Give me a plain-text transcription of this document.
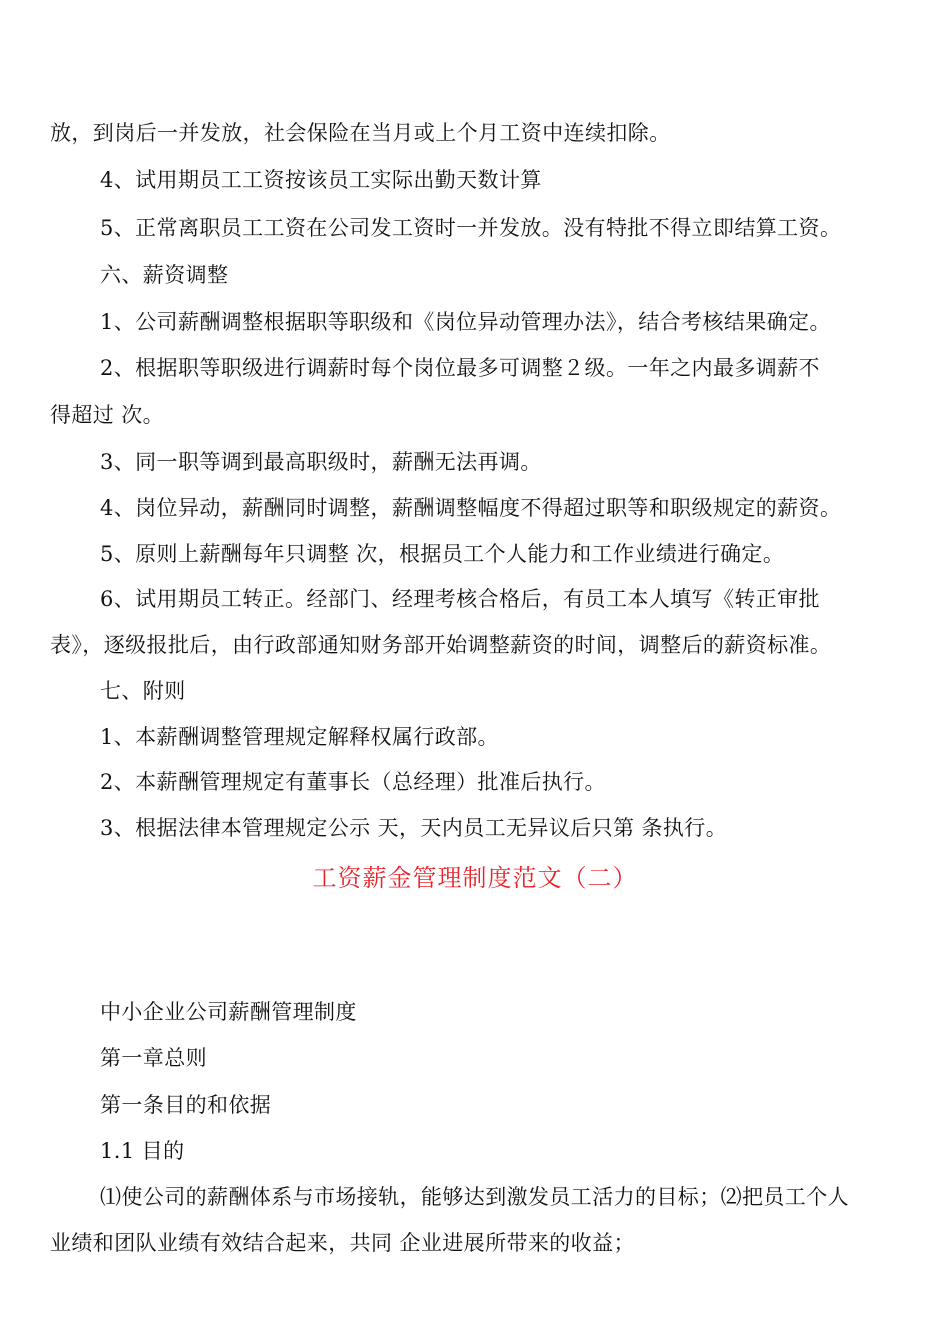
放，到岗后一并发放，社会保险在当月或上个月工资中连续扣除。
4、试用期员工工资按该员工实际出勤天数计算
5、正常离职员工工资在公司发工资时一并发放。没有特批不得立即结算工资。
六、薪资调整
1、公司薪酬调整根据职等职级和《岗位异动管理办法》，结合考核结果确定。
2、根据职等职级进行调薪时每个岗位最多可调整２级。一年之内最多调薪不
得超过 次。
3、同一职等调到最高职级时，薪酬无法再调。
4、岗位异动，薪酬同时调整，薪酬调整幅度不得超过职等和职级规定的薪资。
5、原则上薪酬每年只调整 次，根据员工个人能力和工作业绩进行确定。
6、试用期员工转正。经部门、经理考核合格后，有员工本人填写《转正审批
表》，逐级报批后，由行政部通知财务部开始调整薪资的时间，调整后的薪资标准。
七、附则
1、本薪酬调整管理规定解释权属行政部。
2、本薪酬管理规定有董事长（总经理）批准后执行。
3、根据法律本管理规定公示 天，天内员工无异议后只第 条执行。
工资薪金管理制度范文（二）
中小企业公司薪酬管理制度
第一章总则
第一条目的和依据
1.1 目的
⑴使公司的薪酬体系与市场接轨，能够达到激发员工活力的目标；⑵把员工个人
业绩和团队业绩有效结合起来，共同 企业进展所带来的收益；
